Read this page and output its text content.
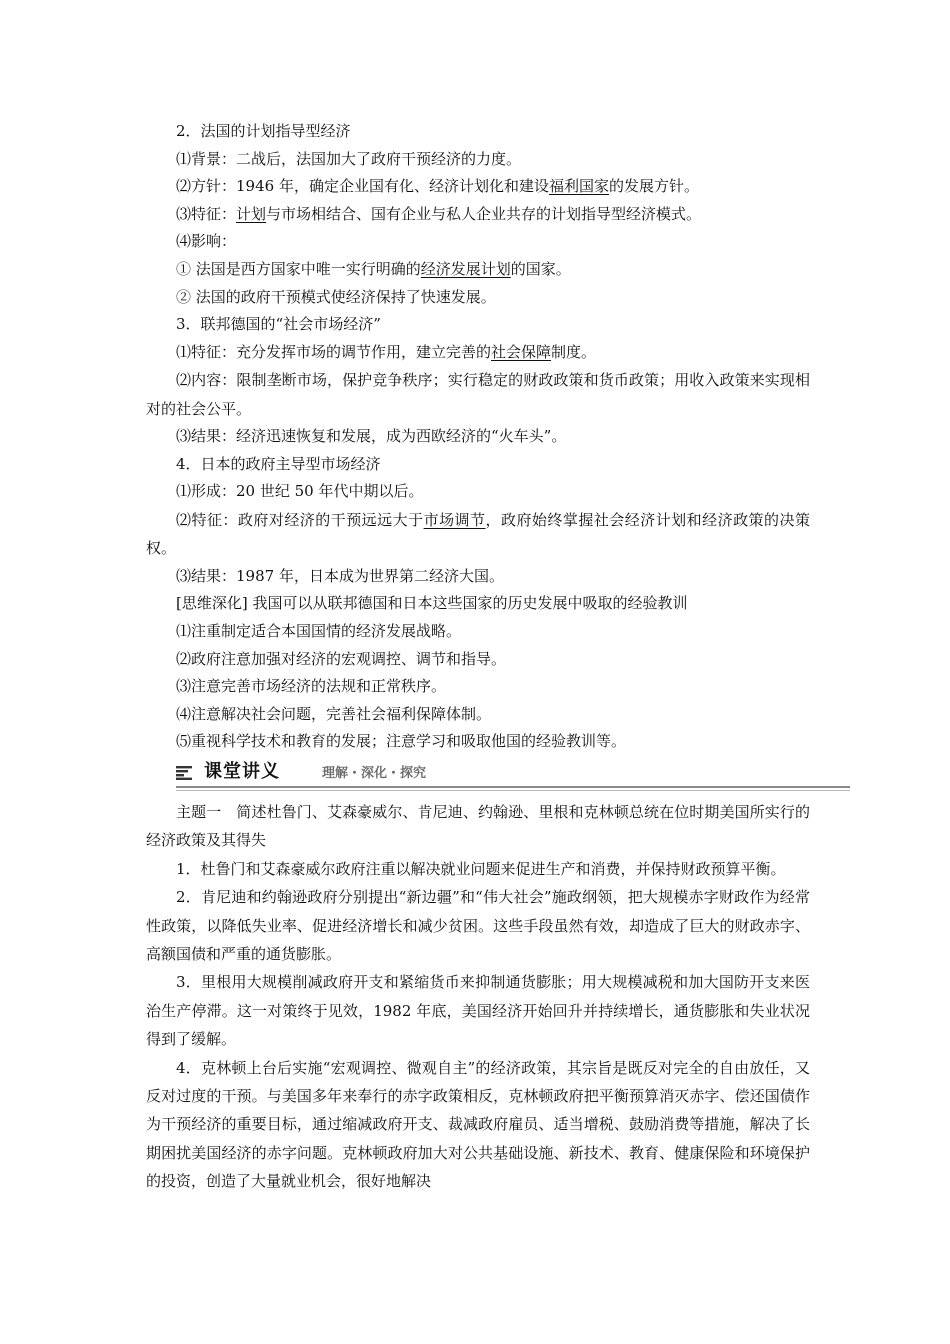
2．法国的计划指导型经济
⑴背景：二战后，法国加大了政府干预经济的力度。
⑵方针：1946 年，确定企业国有化、经济计划化和建设福利国家的发展方针。
⑶特征：计划与市场相结合、国有企业与私人企业共存的计划指导型经济模式。
⑷影响：
① 法国是西方国家中唯一实行明确的经济发展计划的国家。
② 法国的政府干预模式使经济保持了快速发展。
3．联邦德国的“社会市场经济”
⑴特征：充分发挥市场的调节作用，建立完善的社会保障制度。

⑵内容：限制垄断市场，保护竞争秩序；实行稳定的财政政策和货币政策；用收入政策来实现相对的社会公平。

⑶结果：经济迅速恢复和发展，成为西欧经济的“火车头”。
4．日本的政府主导型市场经济
⑴形成：20 世纪 50 年代中期以后。

⑵特征：政府对经济的干预远远大于市场调节，政府始终掌握社会经济计划和经济政策的决策权。

⑶结果：1987 年，日本成为世界第二经济大国。
[思维深化] 我国可以从联邦德国和日本这些国家的历史发展中吸取的经验教训
⑴注重制定适合本国国情的经济发展战略。
⑵政府注意加强对经济的宏观调控、调节和指导。
⑶注意完善市场经济的法规和正常秩序。
⑷注意解决社会问题，完善社会福利保障体制。
⑸重视科学技术和教育的发展；注意学习和吸取他国的经验教训等。
课堂讲义	理解・深化・探究

主题一　简述杜鲁门、艾森豪威尔、肯尼迪、约翰逊、里根和克林顿总统在位时期美国所实行的经济政策及其得失

1．杜鲁门和艾森豪威尔政府注重以解决就业问题来促进生产和消费，并保持财政预算平衡。

2．肯尼迪和约翰逊政府分别提出“新边疆”和“伟大社会”施政纲领，把大规模赤字财政作为经常性政策，以降低失业率、促进经济增长和减少贫困。这些手段虽然有效，却造成了巨大的财政赤字、高额国债和严重的通货膨胀。

3．里根用大规模削减政府开支和紧缩货币来抑制通货膨胀；用大规模减税和加大国防开支来医治生产停滞。这一对策终于见效，1982 年底，美国经济开始回升并持续增长，通货膨胀和失业状况得到了缓解。

4．克林顿上台后实施“宏观调控、微观自主”的经济政策，其宗旨是既反对完全的自由放任，又反对过度的干预。与美国多年来奉行的赤字政策相反，克林顿政府把平衡预算消灭赤字、偿还国债作为干预经济的重要目标，通过缩减政府开支、裁减政府雇员、适当增税、鼓励消费等措施，解决了长期困扰美国经济的赤字问题。克林顿政府加大对公共基础设施、新技术、教育、健康保险和环境保护的投资，创造了大量就业机会，很好地解决
